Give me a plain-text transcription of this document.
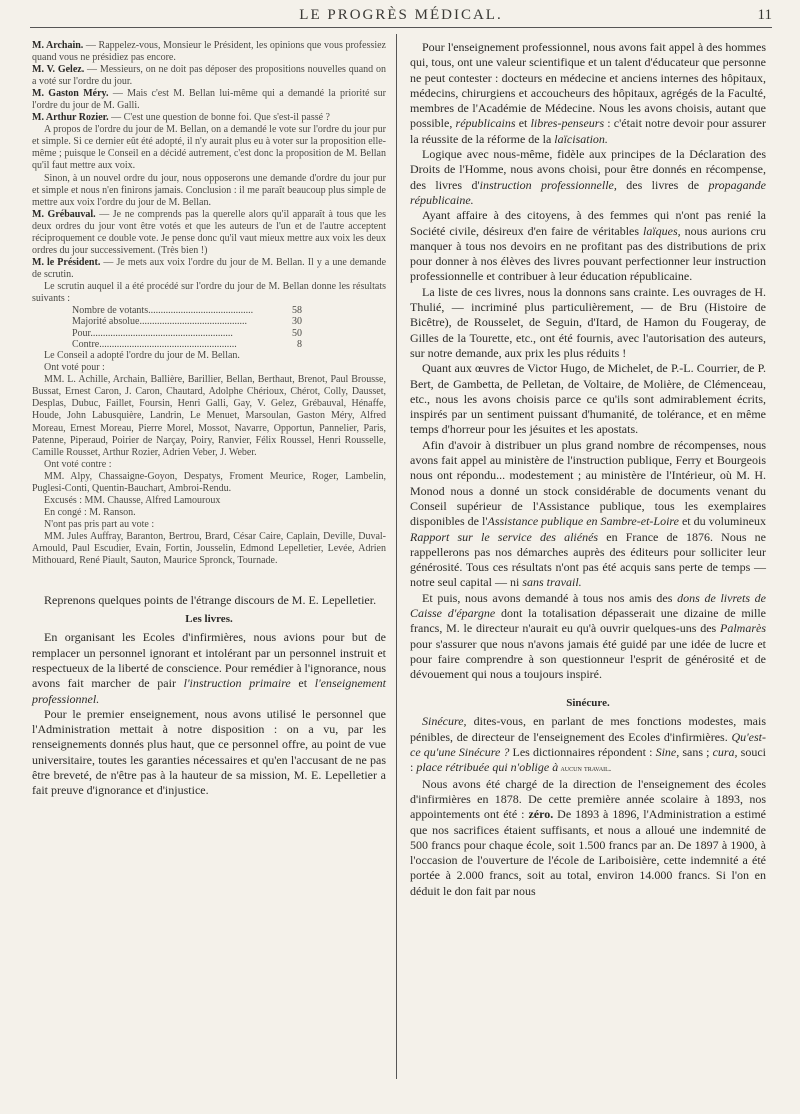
LE PROGRÈS MÉDICAL.	11

M. Archain. — Rappelez-vous, Monsieur le Président, les opinions que vous professiez quand vous ne présidiez pas encore.

M. V. Gelez. — Messieurs, on ne doit pas déposer des propositions nouvelles quand on a voté sur l'ordre du jour.

M. Gaston Méry. — Mais c'est M. Bellan lui-même qui a demandé la priorité sur l'ordre du jour de M. Galli.

M. Arthur Rozier. — C'est une question de bonne foi. Que s'est-il passé ?

A propos de l'ordre du jour de M. Bellan, on a demandé le vote sur l'ordre du jour pur et simple. Si ce dernier eût été adopté, il n'y aurait plus eu à voter sur la proposition elle-même ; puisque le Conseil en a décidé autrement, c'est donc la proposition de M. Bellan qu'il faut mettre aux voix.

Sinon, à un nouvel ordre du jour, nous opposerons une demande d'ordre du jour pur et simple et nous n'en finirons jamais. Conclusion : il me paraît beaucoup plus simple de mettre aux voix l'ordre du jour de M. Bellan.

M. Grébauval. — Je ne comprends pas la querelle alors qu'il apparaît à tous que les deux ordres du jour vont être votés et que les auteurs de l'un et de l'autre acceptent réciproquement ce double vote. Je pense donc qu'il vaut mieux mettre aux voix les deux ordres du jour successivement. (Très bien !)

M. le Président. — Je mets aux voix l'ordre du jour de M. Bellan. Il y a une demande de scrutin.

Le scrutin auquel il a été procédé sur l'ordre du jour de M. Bellan donne les résultats suivants :

Nombre de votants..........................................	58
Majorité absolue...........................................	30
Pour.........................................................	50
Contre.......................................................	8

Le Conseil a adopté l'ordre du jour de M. Bellan.

Ont voté pour :

MM. L. Achille, Archain, Ballière, Barillier, Bellan, Berthaut, Brenot, Paul Brousse, Bussat, Ernest Caron, J. Caron, Chautard, Adolphe Chérioux, Chérot, Colly, Dausset, Desplas, Dubuc, Faillet, Foursin, Henri Galli, Gay, V. Gelez, Grébauval, Hénaffe, Houde, John Labusquière, Landrin, Le Menuet, Marsoulan, Gaston Méry, Alfred Moreau, Ernest Moreau, Pierre Morel, Mossot, Navarre, Opportun, Pannelier, Paris, Patenne, Piperaud, Poirier de Narçay, Poiry, Ranvier, Félix Roussel, Henri Rousselle, Camille Rousset, Arthur Rozier, Adrien Veber, J. Weber.

Ont voté contre :

MM. Alpy, Chassaigne-Goyon, Despatys, Froment Meurice, Roger, Lambelin, Puglesi-Conti, Quentin-Bauchart, Ambroi-Rendu.

Excusés : MM. Chausse, Alfred Lamouroux

En congé : M. Ranson.

N'ont pas pris part au vote :

MM. Jules Auffray, Baranton, Bertrou, Brard, César Caire, Caplain, Deville, Duval-Arnould, Paul Escudier, Evain, Fortin, Jousselin, Edmond Lepelletier, Levée, Adrien Mithouard, René Piault, Sauton, Maurice Spronck, Tournade.

Reprenons quelques points de l'étrange discours de M. E. Lepelletier.

Les livres.

En organisant les Ecoles d'infirmières, nous avions pour but de remplacer un personnel ignorant et intolérant par un personnel instruit et respectueux de la liberté de conscience. Pour remédier à l'ignorance, nous avons fait marcher de pair l'instruction primaire et l'enseignement professionnel.

Pour le premier enseignement, nous avons utilisé le personnel que l'Administration mettait à notre disposition : on a vu, par les renseignements donnés plus haut, que ce personnel offre, au point de vue universitaire, toutes les garanties nécessaires et qu'en l'accusant de ne pas être breveté, de n'être pas à la hauteur de sa mission, M. E. Lepelletier a fait preuve d'ignorance et d'injustice.

Pour l'enseignement professionnel, nous avons fait appel à des hommes qui, tous, ont une valeur scientifique et un talent d'éducateur que personne ne peut contester : docteurs en médecine et anciens internes des hôpitaux, médecins, chirurgiens et accoucheurs des hôpitaux, agrégés de la Faculté, membres de l'Académie de Médecine. Nous les avons choisis, autant que possible, républicains et libres-penseurs : c'était notre devoir pour assurer la réussite de la réforme de la laïcisation.

Logique avec nous-même, fidèle aux principes de la Déclaration des Droits de l'Homme, nous avons choisi, pour être donnés en récompense, des livres d'instruction professionnelle, des livres de propagande républicaine.

Ayant affaire à des citoyens, à des femmes qui n'ont pas renié la Société civile, désireux d'en faire de véritables laïques, nous aurions cru manquer à tous nos devoirs en ne profitant pas des distributions de prix pour donner à nos élèves des livres pouvant perfectionner leur instruction professionnelle et contribuer à leur éducation républicaine.

La liste de ces livres, nous la donnons sans crainte. Les ouvrages de H. Thulié, — incriminé plus particulièrement, — de Bru (Histoire de Bicêtre), de Rousselet, de Seguin, d'Itard, de Hamon du Fougeray, de Gilles de la Tourette, etc., ont été fournis, avec l'autorisation des auteurs, sur notre demande, aux prix les plus réduits !

Quant aux œuvres de Victor Hugo, de Michelet, de P.-L. Courrier, de P. Bert, de Gambetta, de Pelletan, de Voltaire, de Molière, de Clémenceau, etc., nous les avons choisis parce ce qu'ils sont admirablement écrits, inspirés par un sentiment puissant d'humanité, de tolérance, et en même temps d'horreur pour les jésuites et les apostats.

Afin d'avoir à distribuer un plus grand nombre de récompenses, nous avons fait appel au ministère de l'instruction publique, Ferry et Bourgeois nous ont répondu... modestement ; au ministère de l'Intérieur, où M. H. Monod nous a donné un stock considérable de documents venant du Conseil supérieur de l'Assistance publique, tous les exemplaires disponibles de l'Assistance publique en Sambre-et-Loire et du volumineux Rapport sur le service des aliénés en France de 1876. Nous ne rappellerons pas nos démarches auprès des éditeurs pour solliciter leur générosité. Tous ces résultats n'ont pas été acquis sans perte de temps — notre seul capital — ni sans travail.

Et puis, nous avons demandé à tous nos amis des dons de livrets de Caisse d'épargne dont la totalisation dépasserait une dizaine de mille francs, M. le directeur n'aurait eu qu'à ouvrir quelques-uns des Palmarès pour s'assurer que nous n'avons jamais été guidé par une idée de lucre et pour faire comprendre à son questionneur l'esprit de générosité et de dévouement qui nous a toujours inspiré.

Sinécure.

Sinécure, dites-vous, en parlant de mes fonctions modestes, mais pénibles, de directeur de l'enseignement des Ecoles d'infirmières. Qu'est-ce qu'une Sinécure ? Les dictionnaires répondent : Sine, sans ; cura, souci : place rétribuée qui n'oblige à aucun travail.

Nous avons été chargé de la direction de l'enseignement des écoles d'infirmières en 1878. De cette première année scolaire à 1893, nos appointements ont été : zéro. De 1893 à 1896, l'Administration a estimé que nos sacrifices étaient suffisants, et nous a alloué une indemnité de 500 francs pour chaque école, soit 1.500 francs par an. De 1897 à 1900, à l'occasion de l'ouverture de l'école de Lariboisière, cette indemnité a été portée à 2.000 francs, soit au total, environ 14.000 francs. Si l'on en déduit le don fait par nous
